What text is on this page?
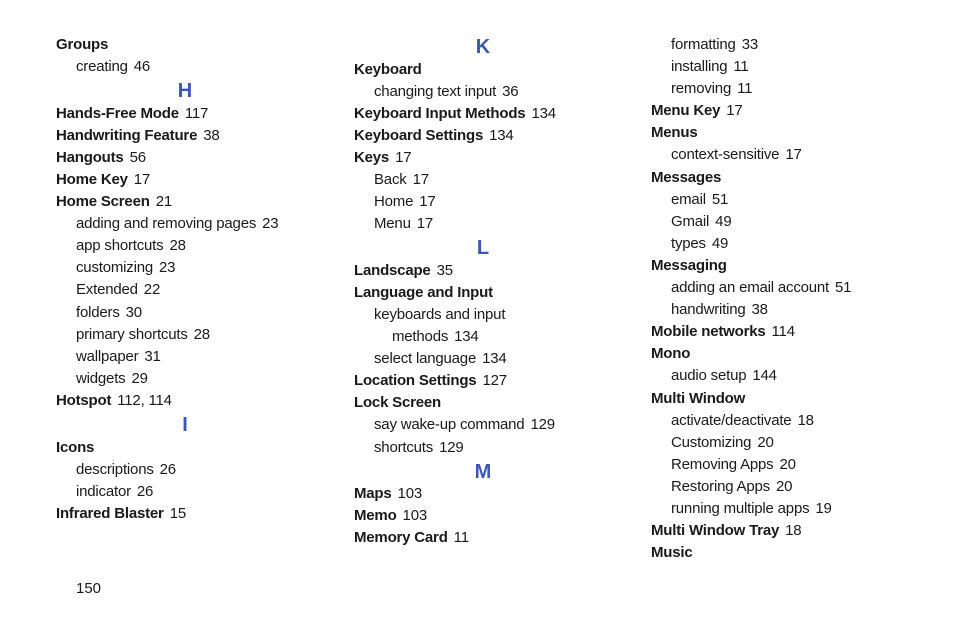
Groups
creating 46
H
Hands-Free Mode 117
Handwriting Feature 38
Hangouts 56
Home Key 17
Home Screen 21
adding and removing pages 23
app shortcuts 28
customizing 23
Extended 22
folders 30
primary shortcuts 28
wallpaper 31
widgets 29
Hotspot 112, 114
I
Icons
descriptions 26
indicator 26
Infrared Blaster 15
K
Keyboard
changing text input 36
Keyboard Input Methods 134
Keyboard Settings 134
Keys 17
Back 17
Home 17
Menu 17
L
Landscape 35
Language and Input
keyboards and input
methods 134
select language 134
Location Settings 127
Lock Screen
say wake-up command 129
shortcuts 129
M
Maps 103
Memo 103
Memory Card 11
formatting 33
installing 11
removing 11
Menu Key 17
Menus
context-sensitive 17
Messages
email 51
Gmail 49
types 49
Messaging
adding an email account 51
handwriting 38
Mobile networks 114
Mono
audio setup 144
Multi Window
activate/deactivate 18
Customizing 20
Removing Apps 20
Restoring Apps 20
running multiple apps 19
Multi Window Tray 18
Music
150
